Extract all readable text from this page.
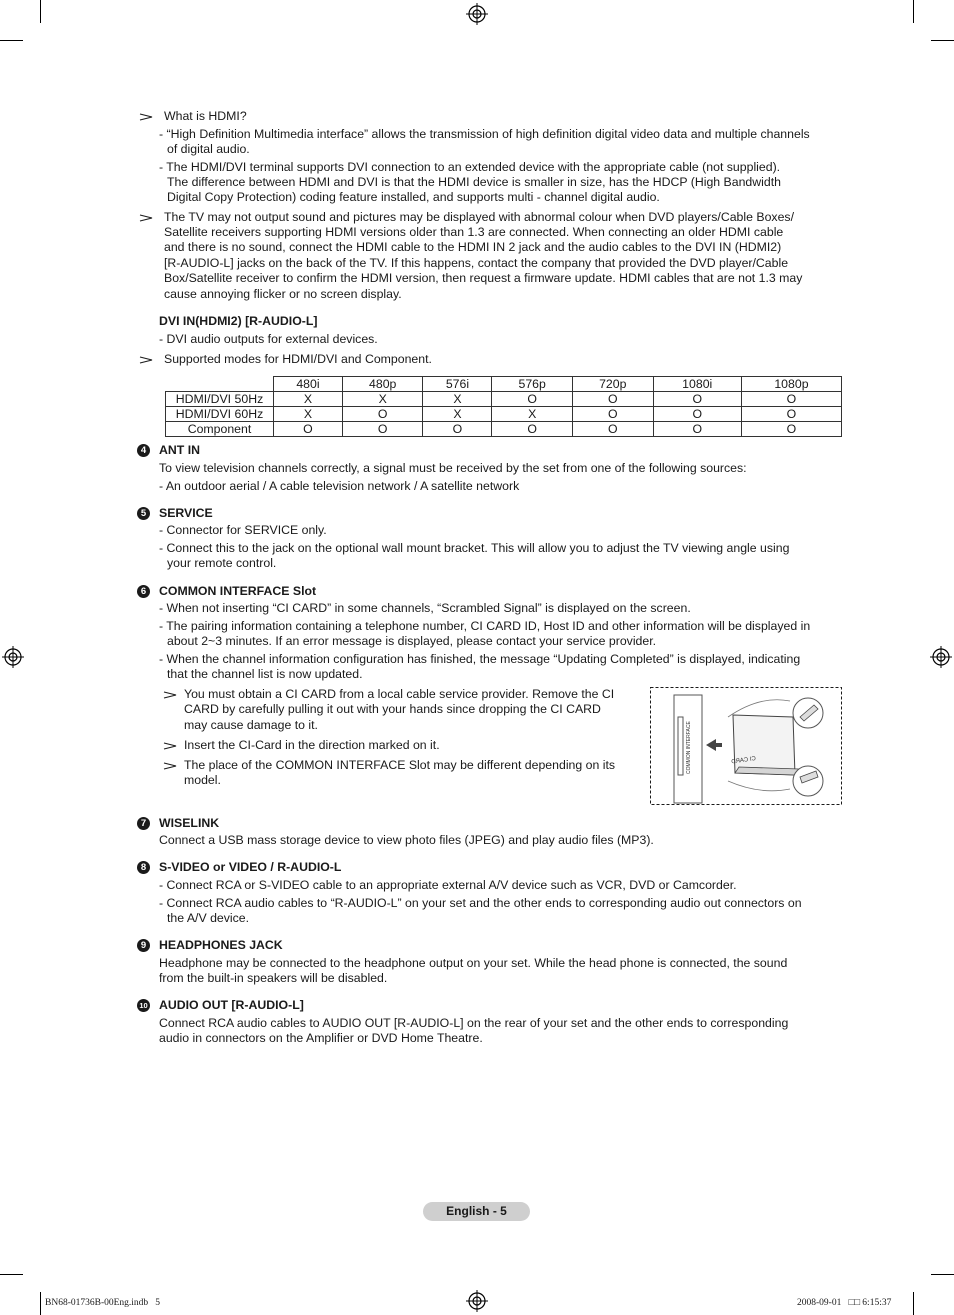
What is HDMI?
- “High Definition Multimedia interface” allows the transmission of high definition digital video data and multiple channels
of digital audio.
- The HDMI/DVI terminal supports DVI connection to an extended device with the appropriate cable (not supplied).
The difference between HDMI and DVI is that the HDMI device is smaller in size, has the HDCP (High Bandwidth
Digital Copy Protection) coding feature installed, and supports multi - channel digital audio.
The TV may not output sound and pictures may be displayed with abnormal colour when DVD players/Cable Boxes/
Satellite receivers supporting HDMI versions older than 1.3 are connected. When connecting an older HDMI cable
and there is no sound, connect the HDMI cable to the HDMI IN 2 jack and the audio cables to the DVI IN (HDMI2)
[R-AUDIO-L] jacks on the back of the TV. If this happens, contact the company that provided the DVD player/Cable
Box/Satellite receiver to confirm the HDMI version, then request a firmware update. HDMI cables that are not 1.3 may
cause annoying flicker or no screen display.
DVI IN(HDMI2) [R-AUDIO-L]
- DVI audio outputs for external devices.
Supported modes for HDMI/DVI and Component.
	480i	480p	576i	576p	720p	1080i	1080p
HDMI/DVI 50Hz	X	X	X	O	O	O	O
HDMI/DVI 60Hz	X	O	X	X	O	O	O
Component	O	O	O	O	O	O	O
4	ANT IN
To view television channels correctly, a signal must be received by the set from one of the following sources:
- An outdoor aerial / A cable television network / A satellite network
5	SERVICE
- Connector for SERVICE only.
- Connect this to the jack on the optional wall mount bracket. This will allow you to adjust the TV viewing angle using
your remote control.
6	COMMON INTERFACE Slot
- When not inserting “CI CARD” in some channels, “Scrambled Signal” is displayed on the screen.
- The pairing information containing a telephone number, CI CARD ID, Host ID and other information will be displayed in
about 2~3 minutes. If an error message is displayed, please contact your service provider.
- When the channel information configuration has finished, the message “Updating Completed” is displayed, indicating
that the channel list is now updated.
You must obtain a CI CARD from a local cable service provider. Remove the CI
CARD by carefully pulling it out with your hands since dropping the CI CARD
may cause damage to it.
Insert the CI-Card in the direction marked on it.
The place of the COMMON INTERFACE Slot may be different depending on its
model.
COMMON INTERFACE	CI CARD
7	WISELINK
Connect a USB mass storage device to view photo files (JPEG) and play audio files (MP3).
8	S-VIDEO or VIDEO / R-AUDIO-L
- Connect RCA or S-VIDEO cable to an appropriate external A/V device such as VCR, DVD or Camcorder.
- Connect RCA audio cables to “R-AUDIO-L” on your set and the other ends to corresponding audio out connectors on
the A/V device.
9	HEADPHONES JACK
Headphone may be connected to the headphone output on your set. While the head phone is connected, the sound
from the built-in speakers will be disabled.
10 AUDIO OUT [R-AUDIO-L]
Connect RCA audio cables to AUDIO OUT [R-AUDIO-L] on the rear of your set and the other ends to corresponding
audio in connectors on the Amplifier or DVD Home Theatre.
English - 5
BN68-01736B-00Eng.indb   5	2008-09-01   □□ 6:15:37
